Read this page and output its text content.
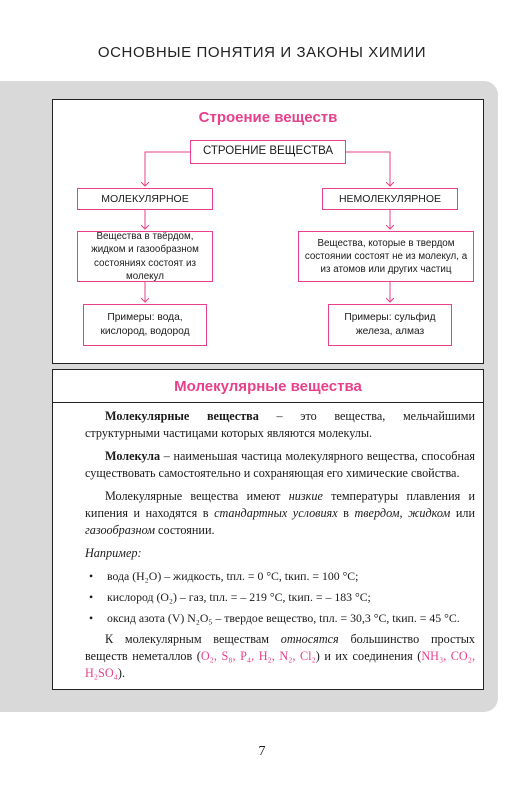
ОСНОВНЫЕ ПОНЯТИЯ И ЗАКОНЫ ХИМИИ
Строение веществ
СТРОЕНИЕ ВЕЩЕСТВА
МОЛЕКУЛЯРНОЕ	НЕМОЛЕКУЛЯРНОЕ
Вещества в твёрдом, жидком и газообразном состояниях состоят из молекул
Вещества, которые в твердом состоянии состоят не из молекул, а из атомов или других частиц
Примеры: вода, кислород, водород
Примеры: сульфид железа, алмаз
Молекулярные вещества

Молекулярные вещества – это вещества, мельчайшими структурными частицами которых являются молекулы.

Молекула – наименьшая частица молекулярного вещества, способная существовать самостоятельно и сохраняющая его химические свойства.

Молекулярные вещества имеют низкие температуры плавления и кипения и находятся в стандартных условиях в твердом, жидком или газообразном состоянии.

Например:

• вода (H₂O) – жидкость, tпл. = 0 °С, tкип. = 100 °С;
• кислород (O₂) – газ, tпл. = – 219 °С, tкип. = – 183 °С;
• оксид азота (V) N₂O₅ – твердое вещество, tпл. = 30,3 °С, tкип. = 45 °С.

К молекулярным веществам относятся большинство простых веществ неметаллов (O₂, S₈, P₄, H₂, N₂, Cl₂) и их соединения (NH₃, CO₂, H₂SO₄).

7
